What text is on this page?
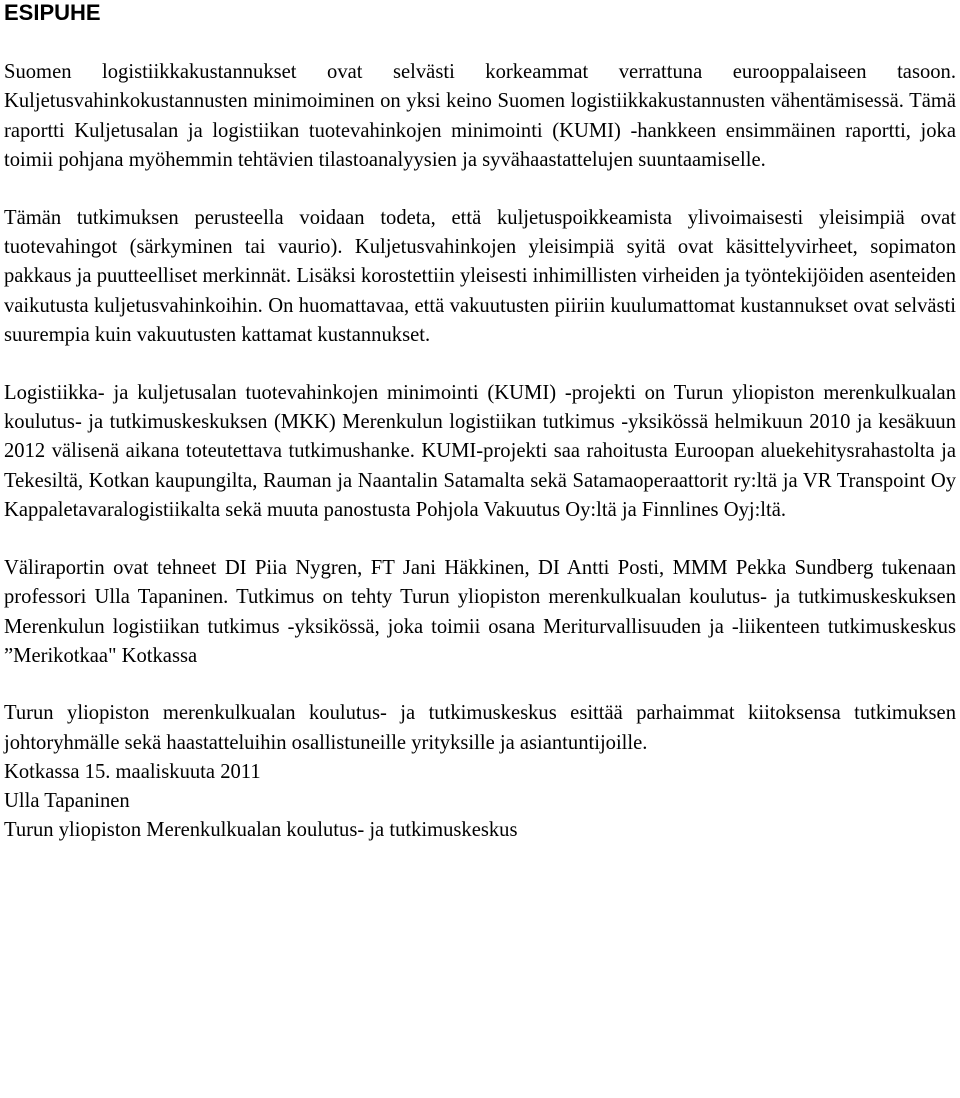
ESIPUHE

Suomen logistiikkakustannukset ovat selvästi korkeammat verrattuna eurooppalaiseen tasoon. Kuljetusvahinkokustannusten minimoiminen on yksi keino Suomen logistiikkakustannusten vähentämisessä. Tämä raportti Kuljetusalan ja logistiikan tuotevahinkojen minimointi (KUMI) -hankkeen ensimmäinen raportti, joka toimii pohjana myöhemmin tehtävien tilastoanalyysien ja syvähaastattelujen suuntaamiselle.

Tämän tutkimuksen perusteella voidaan todeta, että kuljetuspoikkeamista ylivoimaisesti yleisimpiä ovat tuotevahingot (särkyminen tai vaurio). Kuljetusvahinkojen yleisimpiä syitä ovat käsittelyvirheet, sopimaton pakkaus ja puutteelliset merkinnät. Lisäksi korostettiin yleisesti inhimillisten virheiden ja työntekijöiden asenteiden vaikutusta kuljetusvahinkoihin. On huomattavaa, että vakuutusten piiriin kuulumattomat kustannukset ovat selvästi suurempia kuin vakuutusten kattamat kustannukset.

Logistiikka- ja kuljetusalan tuotevahinkojen minimointi (KUMI) -projekti on Turun yliopiston merenkulkualan koulutus- ja tutkimuskeskuksen (MKK) Merenkulun logistiikan tutkimus -yksikössä helmikuun 2010 ja kesäkuun 2012 välisenä aikana toteutettava tutkimushanke. KUMI-projekti saa rahoitusta Euroopan aluekehitysrahastolta ja Tekesiltä, Kotkan kaupungilta, Rauman ja Naantalin Satamalta sekä Satamaoperaattorit ry:ltä ja VR Transpoint Oy Kappaletavaralogistiikalta sekä muuta panostusta Pohjola Vakuutus Oy:ltä ja Finnlines Oyj:ltä.

Väliraportin ovat tehneet DI Piia Nygren, FT Jani Häkkinen, DI Antti Posti, MMM Pekka Sundberg tukenaan professori Ulla Tapaninen. Tutkimus on tehty Turun yliopiston merenkulkualan koulutus- ja tutkimuskeskuksen Merenkulun logistiikan tutkimus -yksikössä, joka toimii osana Meriturvallisuuden ja -liikenteen tutkimuskeskus ”Merikotkaa" Kotkassa

Turun yliopiston merenkulkualan koulutus- ja tutkimuskeskus esittää parhaimmat kiitoksensa tutkimuksen johtoryhmälle sekä haastatteluihin osallistuneille yrityksille ja asiantuntijoille.

Kotkassa 15. maaliskuuta 2011

Ulla Tapaninen

Turun yliopiston Merenkulkualan koulutus- ja tutkimuskeskus
